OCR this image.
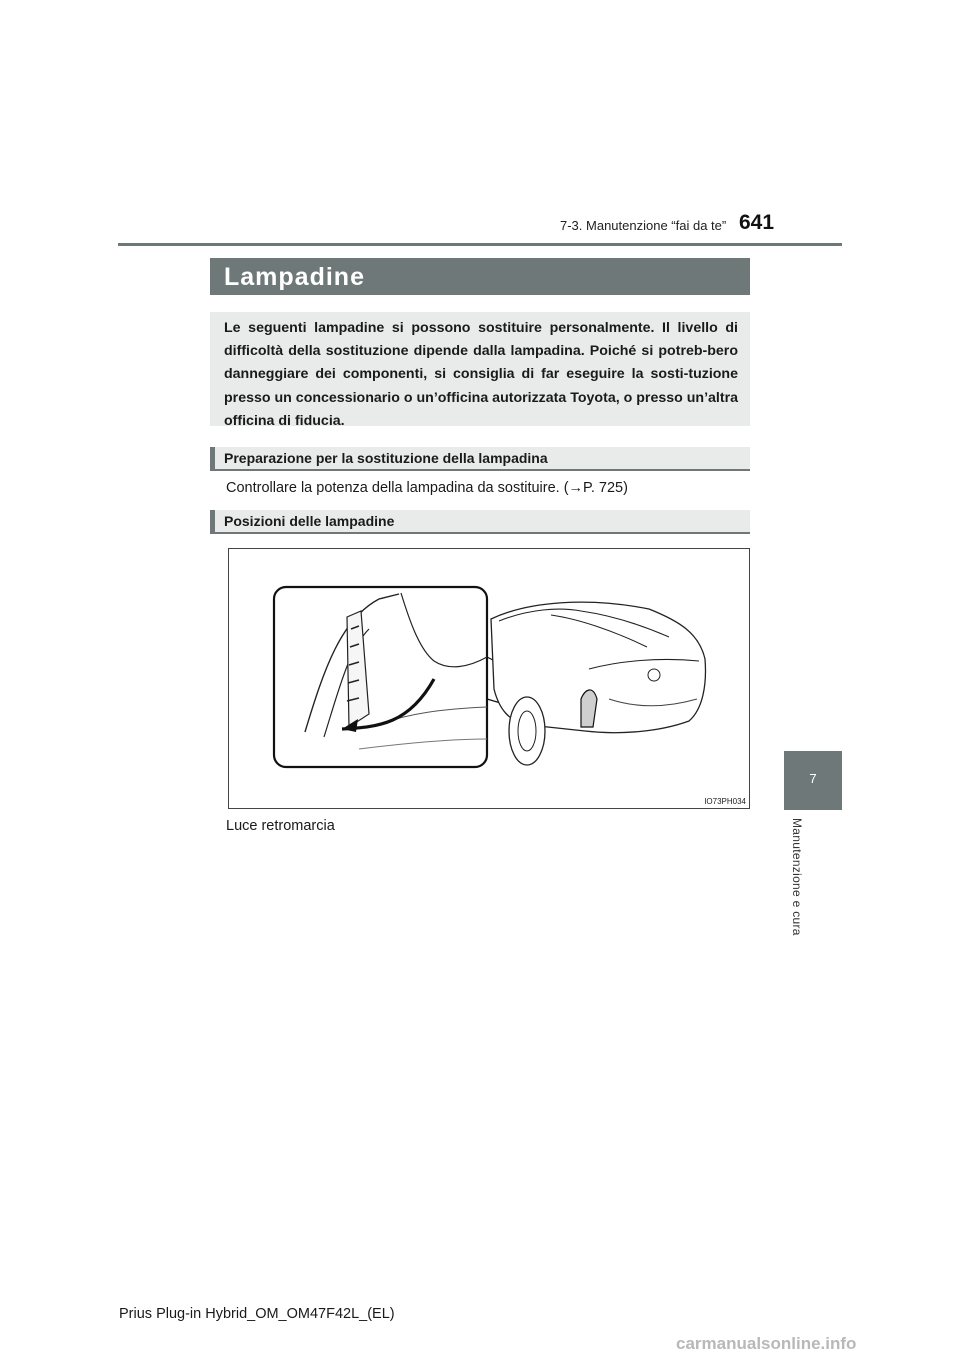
7-3. Manutenzione “fai da te” 641
7
Manutenzione e cura
Lampadine
Le seguenti lampadine si possono sostituire personalmente. Il livello di difficoltà della sostituzione dipende dalla lampadina. Poiché si potreb-bero danneggiare dei componenti, si consiglia di far eseguire la sosti-tuzione presso un concessionario o un’officina autorizzata Toyota, o presso un’altra officina di fiducia.
Preparazione per la sostituzione della lampadina
Controllare la potenza della lampadina da sostituire. (→P. 725)
Posizioni delle lampadine
IO73PH034
Luce retromarcia
Prius Plug-in Hybrid_OM_OM47F42L_(EL)
carmanualsonline.info
